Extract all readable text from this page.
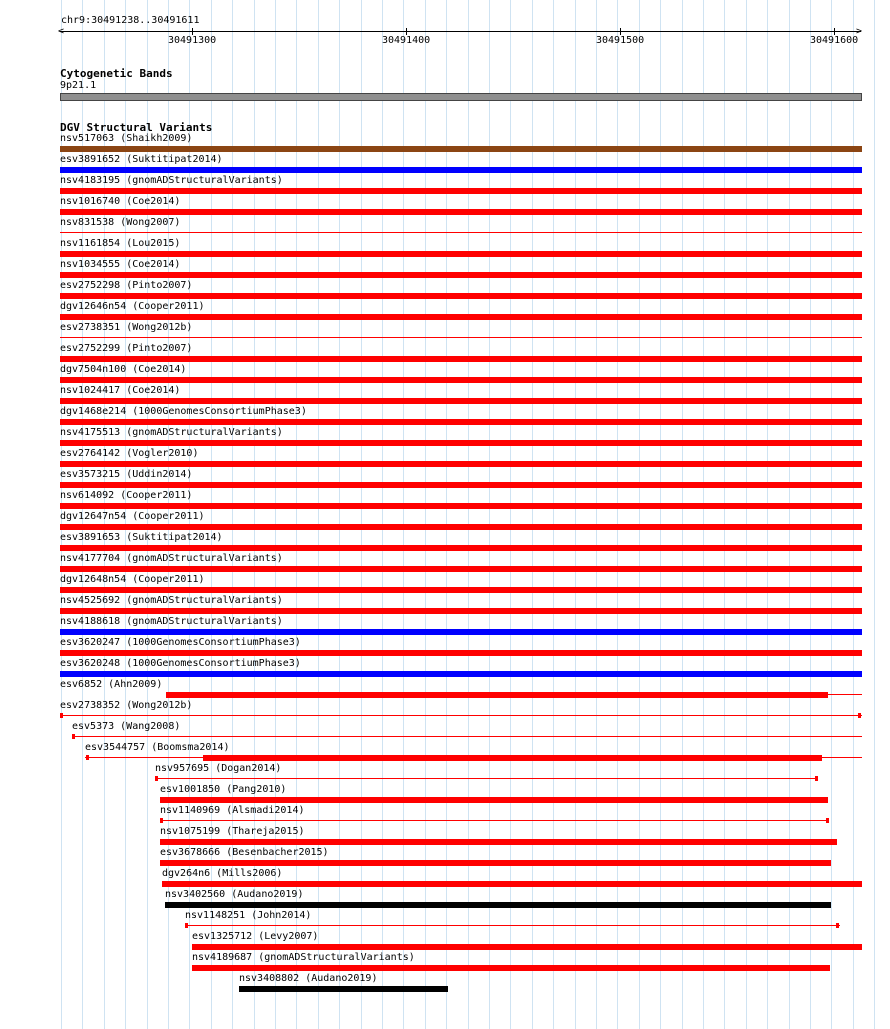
chr9:30491238..30491611
<	>
30491300	30491400	30491500	30491600
Cytogenetic Bands
9p21.1
DGV Structural Variants
nsv517063 (Shaikh2009)
esv3891652 (Suktitipat2014)
nsv4183195 (gnomADStructuralVariants)
nsv1016740 (Coe2014)
nsv831538 (Wong2007)
nsv1161854 (Lou2015)
nsv1034555 (Coe2014)
esv2752298 (Pinto2007)
dgv12646n54 (Cooper2011)
esv2738351 (Wong2012b)
esv2752299 (Pinto2007)
dgv7504n100 (Coe2014)
nsv1024417 (Coe2014)
dgv1468e214 (1000GenomesConsortiumPhase3)
nsv4175513 (gnomADStructuralVariants)
esv2764142 (Vogler2010)
esv3573215 (Uddin2014)
nsv614092 (Cooper2011)
dgv12647n54 (Cooper2011)
esv3891653 (Suktitipat2014)
nsv4177704 (gnomADStructuralVariants)
dgv12648n54 (Cooper2011)
nsv4525692 (gnomADStructuralVariants)
nsv4188618 (gnomADStructuralVariants)
esv3620247 (1000GenomesConsortiumPhase3)
esv3620248 (1000GenomesConsortiumPhase3)
esv6852 (Ahn2009)
esv2738352 (Wong2012b)
esv5373 (Wang2008)
esv3544757 (Boomsma2014)
nsv957695 (Dogan2014)
esv1001850 (Pang2010)
nsv1140969 (Alsmadi2014)
nsv1075199 (Thareja2015)
esv3678666 (Besenbacher2015)
dgv264n6 (Mills2006)
nsv3402560 (Audano2019)
nsv1148251 (John2014)
esv1325712 (Levy2007)
nsv4189687 (gnomADStructuralVariants)
nsv3408802 (Audano2019)
